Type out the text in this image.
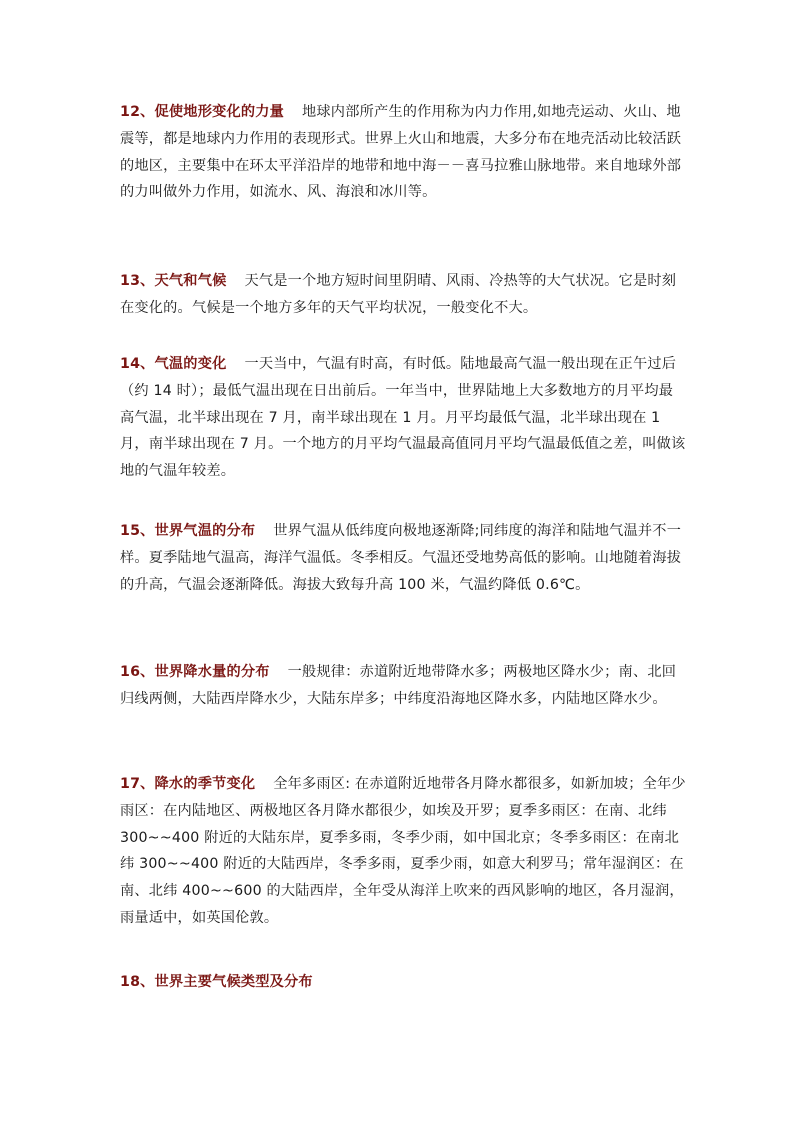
12、促使地形变化的力量 地球内部所产生的作用称为内力作用,如地壳运动、火山、地震等，都是地球内力作用的表现形式。世界上火山和地震，大多分布在地壳活动比较活跃的地区，主要集中在环太平洋沿岸的地带和地中海－－喜马拉雅山脉地带。来自地球外部的力叫做外力作用，如流水、风、海浪和冰川等。
13、天气和气候 天气是一个地方短时间里阴晴、风雨、冷热等的大气状况。它是时刻在变化的。气候是一个地方多年的天气平均状况，一般变化不大。
14、气温的变化 一天当中，气温有时高，有时低。陆地最高气温一般出现在正午过后（约 14 时）；最低气温出现在日出前后。一年当中，世界陆地上大多数地方的月平均最高气温，北半球出现在 7 月，南半球出现在 1 月。月平均最低气温，北半球出现在 1 月，南半球出现在 7 月。一个地方的月平均气温最高值同月平均气温最低值之差，叫做该地的气温年较差。
15、世界气温的分布 世界气温从低纬度向极地逐渐降;同纬度的海洋和陆地气温并不一样。夏季陆地气温高，海洋气温低。冬季相反。气温还受地势高低的影响。山地随着海拔的升高，气温会逐渐降低。海拔大致每升高 100 米，气温约降低 0.6℃。
16、世界降水量的分布 一般规律：赤道附近地带降水多；两极地区降水少；南、北回归线两侧，大陆西岸降水少，大陆东岸多；中纬度沿海地区降水多，内陆地区降水少。
17、降水的季节变化 全年多雨区: 在赤道附近地带各月降水都很多，如新加坡；全年少雨区：在内陆地区、两极地区各月降水都很少，如埃及开罗；夏季多雨区：在南、北纬 300~~400 附近的大陆东岸，夏季多雨，冬季少雨，如中国北京；冬季多雨区：在南北纬 300~~400 附近的大陆西岸，冬季多雨，夏季少雨，如意大利罗马；常年湿润区：在南、北纬 400~~600 的大陆西岸，全年受从海洋上吹来的西风影响的地区，各月湿润，雨量适中，如英国伦敦。
18、世界主要气候类型及分布
